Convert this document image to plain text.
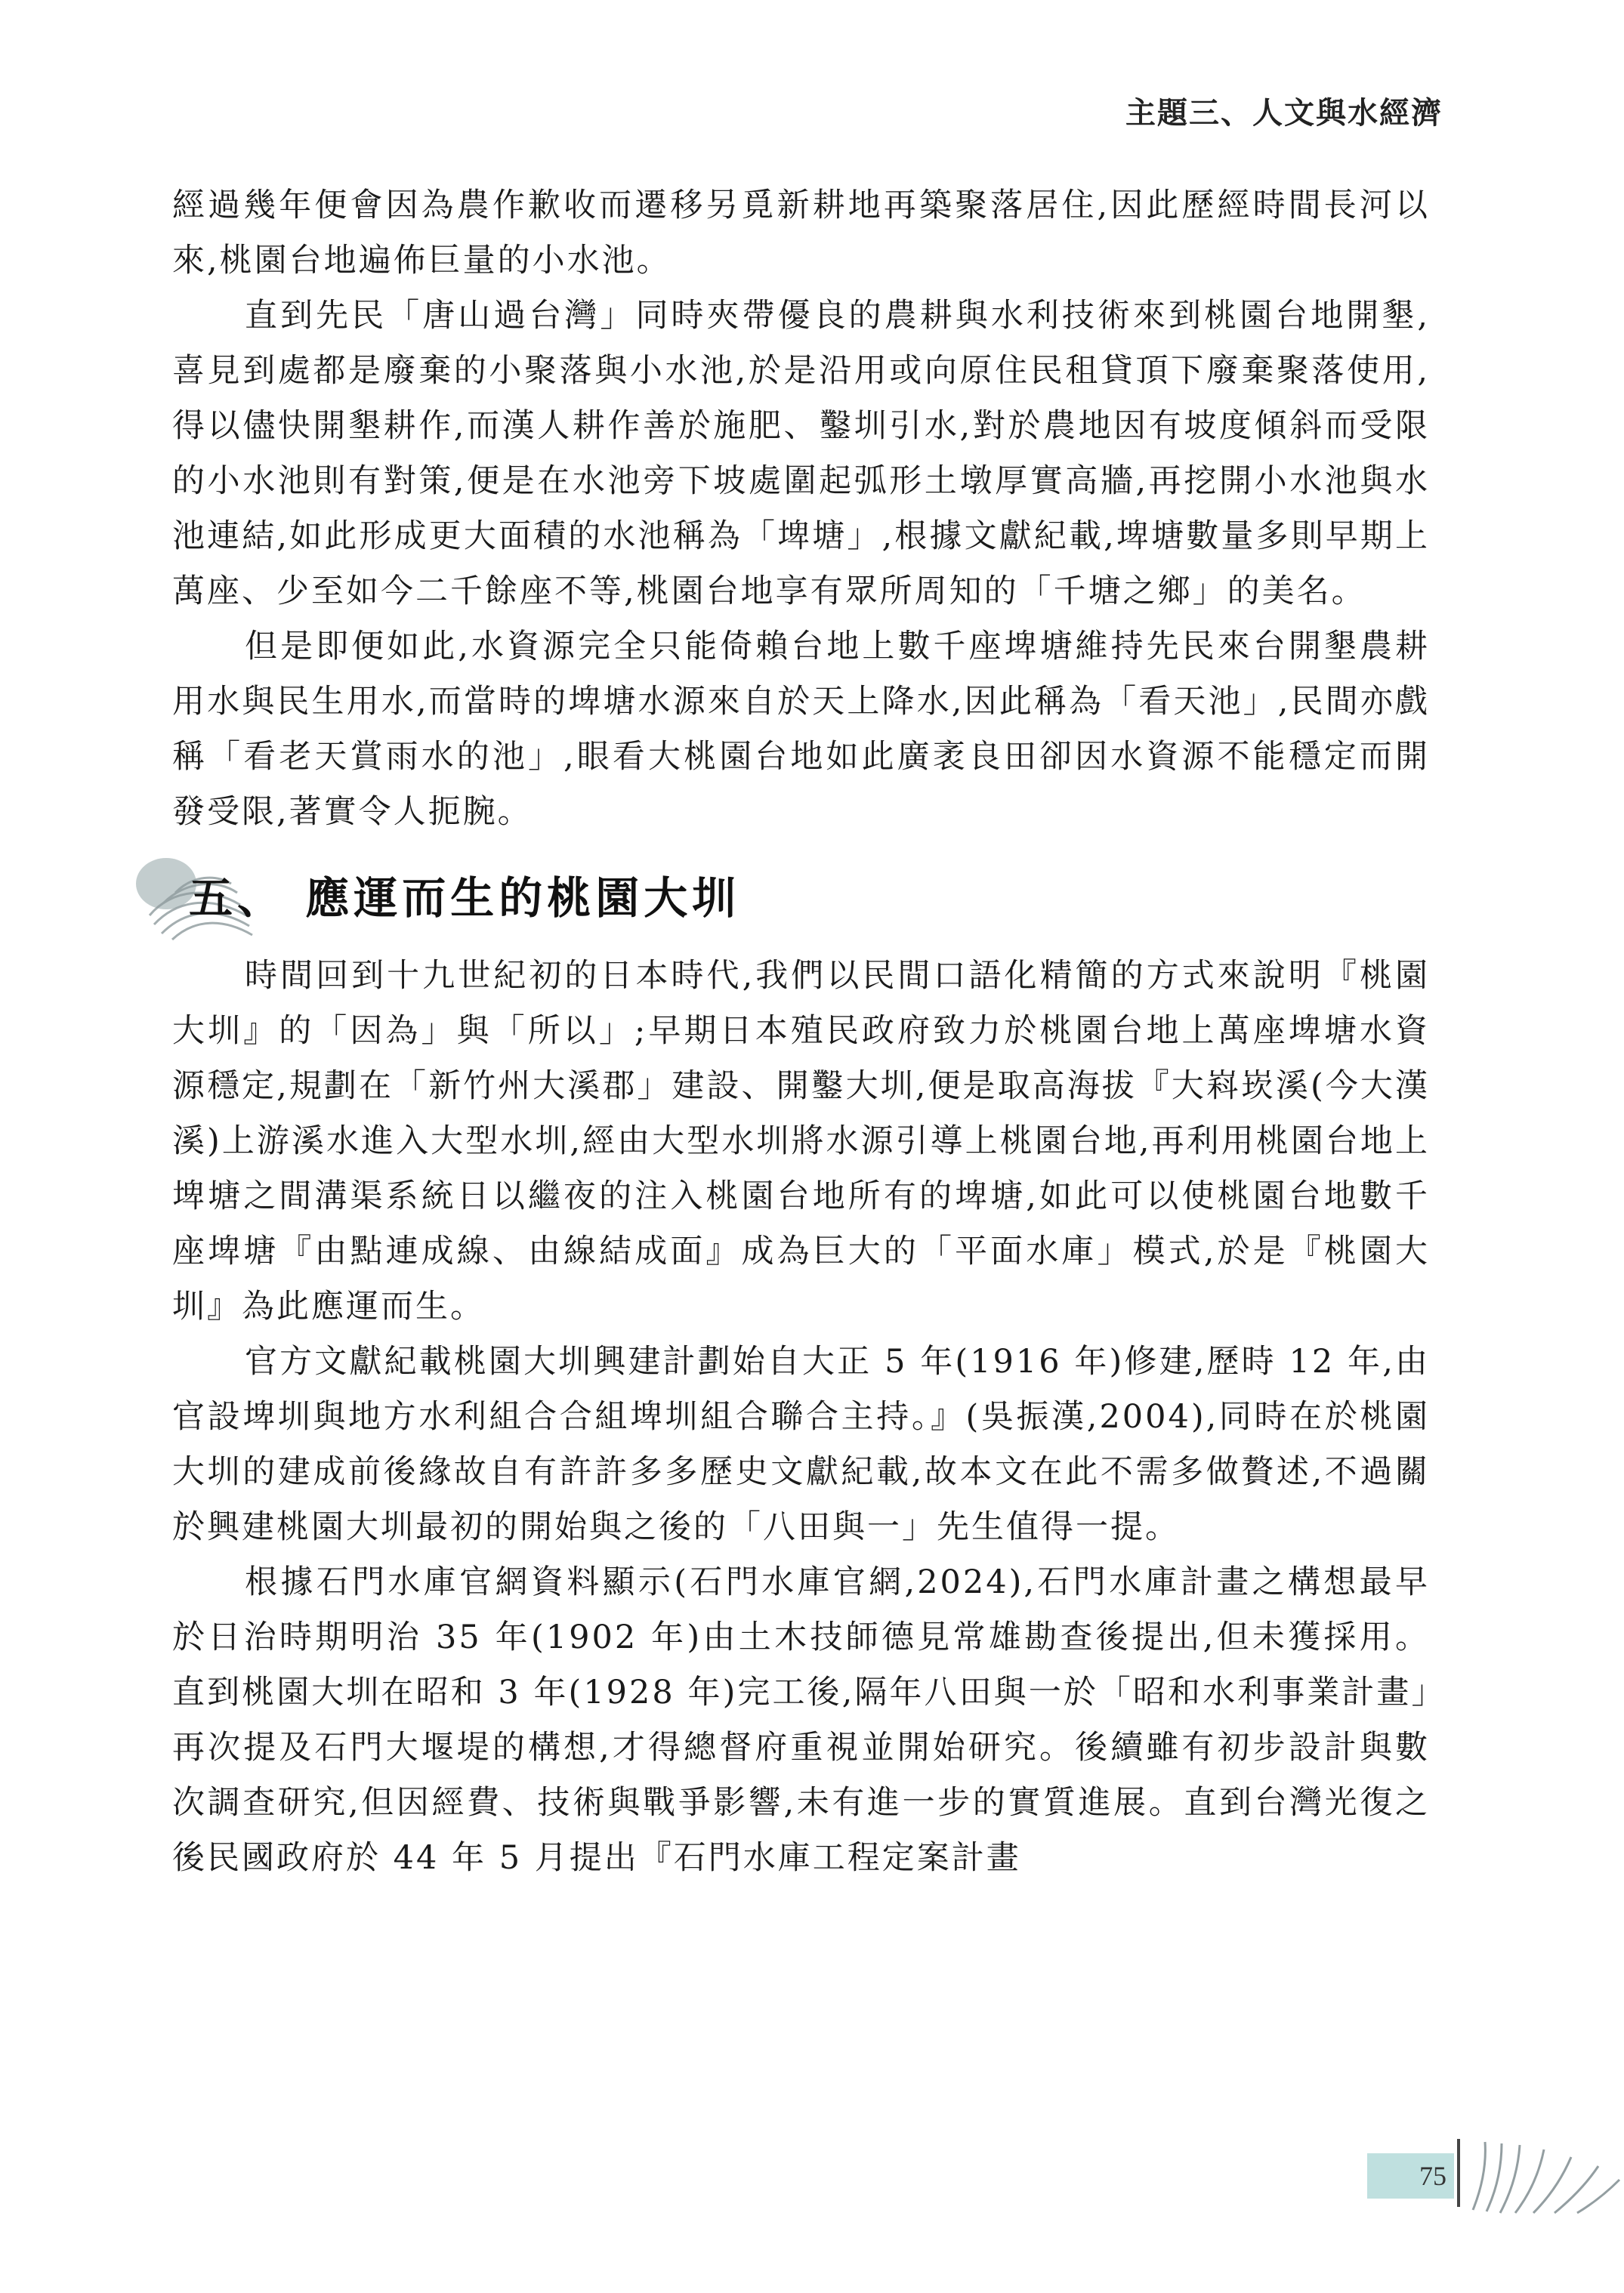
主題三、人文與水經濟

經過幾年便會因為農作歉收而遷移另覓新耕地再築聚落居住,因此歷經時間長河以來,桃園台地遍佈巨量的小水池。

直到先民「唐山過台灣」同時夾帶優良的農耕與水利技術來到桃園台地開墾,喜見到處都是廢棄的小聚落與小水池,於是沿用或向原住民租貸頂下廢棄聚落使用,得以儘快開墾耕作,而漢人耕作善於施肥、鑿圳引水,對於農地因有坡度傾斜而受限的小水池則有對策,便是在水池旁下坡處圍起弧形土墩厚實高牆,再挖開小水池與水池連結,如此形成更大面積的水池稱為「埤塘」,根據文獻紀載,埤塘數量多則早期上萬座、少至如今二千餘座不等,桃園台地享有眾所周知的「千塘之鄉」的美名。

但是即便如此,水資源完全只能倚賴台地上數千座埤塘維持先民來台開墾農耕用水與民生用水,而當時的埤塘水源來自於天上降水,因此稱為「看天池」,民間亦戲稱「看老天賞雨水的池」,眼看大桃園台地如此廣袤良田卻因水資源不能穩定而開發受限,著實令人扼腕。

五、 應運而生的桃園大圳

時間回到十九世紀初的日本時代,我們以民間口語化精簡的方式來說明『桃園大圳』的「因為」與「所以」;早期日本殖民政府致力於桃園台地上萬座埤塘水資源穩定,規劃在「新竹州大溪郡」建設、開鑿大圳,便是取高海拔『大嵙崁溪(今大漢溪)上游溪水進入大型水圳,經由大型水圳將水源引導上桃園台地,再利用桃園台地上埤塘之間溝渠系統日以繼夜的注入桃園台地所有的埤塘,如此可以使桃園台地數千座埤塘『由點連成線、由線結成面』成為巨大的「平面水庫」模式,於是『桃園大圳』為此應運而生。

官方文獻紀載桃園大圳興建計劃始自大正 5 年(1916 年)修建,歷時 12 年,由官設埤圳與地方水利組合合組埤圳組合聯合主持。』(吳振漢,2004),同時在於桃園大圳的建成前後緣故自有許許多多歷史文獻紀載,故本文在此不需多做贅述,不過關於興建桃園大圳最初的開始與之後的「八田與一」先生值得一提。

根據石門水庫官網資料顯示(石門水庫官網,2024),石門水庫計畫之構想最早於日治時期明治 35 年(1902 年)由土木技師德見常雄勘查後提出,但未獲採用。直到桃園大圳在昭和 3 年(1928 年)完工後,隔年八田與一於「昭和水利事業計畫」再次提及石門大堰堤的構想,才得總督府重視並開始研究。後續雖有初步設計與數次調查研究,但因經費、技術與戰爭影響,未有進一步的實質進展。直到台灣光復之後民國政府於 44 年 5 月提出『石門水庫工程定案計畫

75
